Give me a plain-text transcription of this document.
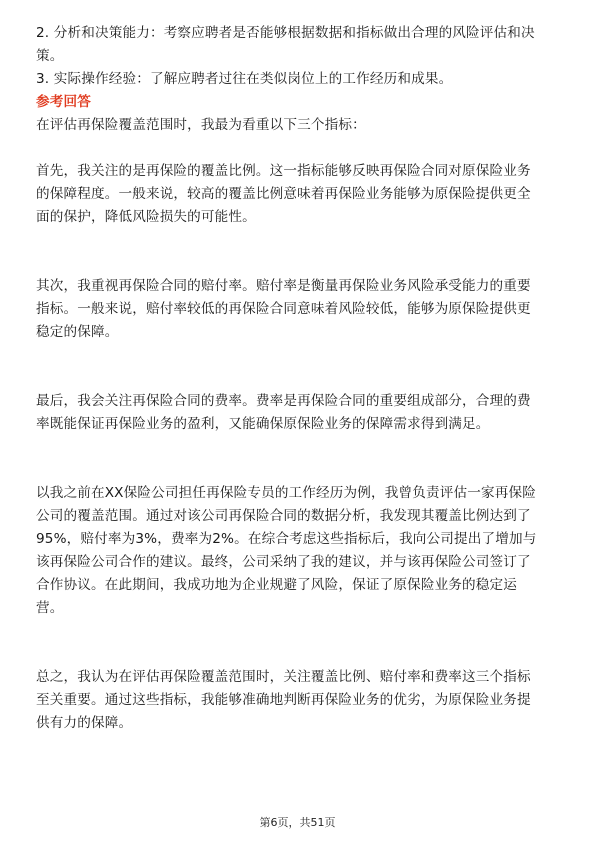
2. 分析和决策能力：考察应聘者是否能够根据数据和指标做出合理的风险评估和决
策。
3. 实际操作经验：了解应聘者过往在类似岗位上的工作经历和成果。
参考回答
在评估再保险覆盖范围时，我最为看重以下三个指标：
首先，我关注的是再保险的覆盖比例。这一指标能够反映再保险合同对原保险业务
的保障程度。一般来说，较高的覆盖比例意味着再保险业务能够为原保险提供更全
面的保护，降低风险损失的可能性。
其次，我重视再保险合同的赔付率。赔付率是衡量再保险业务风险承受能力的重要
指标。一般来说，赔付率较低的再保险合同意味着风险较低，能够为原保险提供更
稳定的保障。
最后，我会关注再保险合同的费率。费率是再保险合同的重要组成部分，合理的费
率既能保证再保险业务的盈利，又能确保原保险业务的保障需求得到满足。
以我之前在XX保险公司担任再保险专员的工作经历为例，我曾负责评估一家再保险
公司的覆盖范围。通过对该公司再保险合同的数据分析，我发现其覆盖比例达到了
95%，赔付率为3%，费率为2%。在综合考虑这些指标后，我向公司提出了增加与
该再保险公司合作的建议。最终，公司采纳了我的建议，并与该再保险公司签订了
合作协议。在此期间，我成功地为企业规避了风险，保证了原保险业务的稳定运
营。
总之，我认为在评估再保险覆盖范围时，关注覆盖比例、赔付率和费率这三个指标
至关重要。通过这些指标，我能够准确地判断再保险业务的优劣，为原保险业务提
供有力的保障。
第6页，共51页
